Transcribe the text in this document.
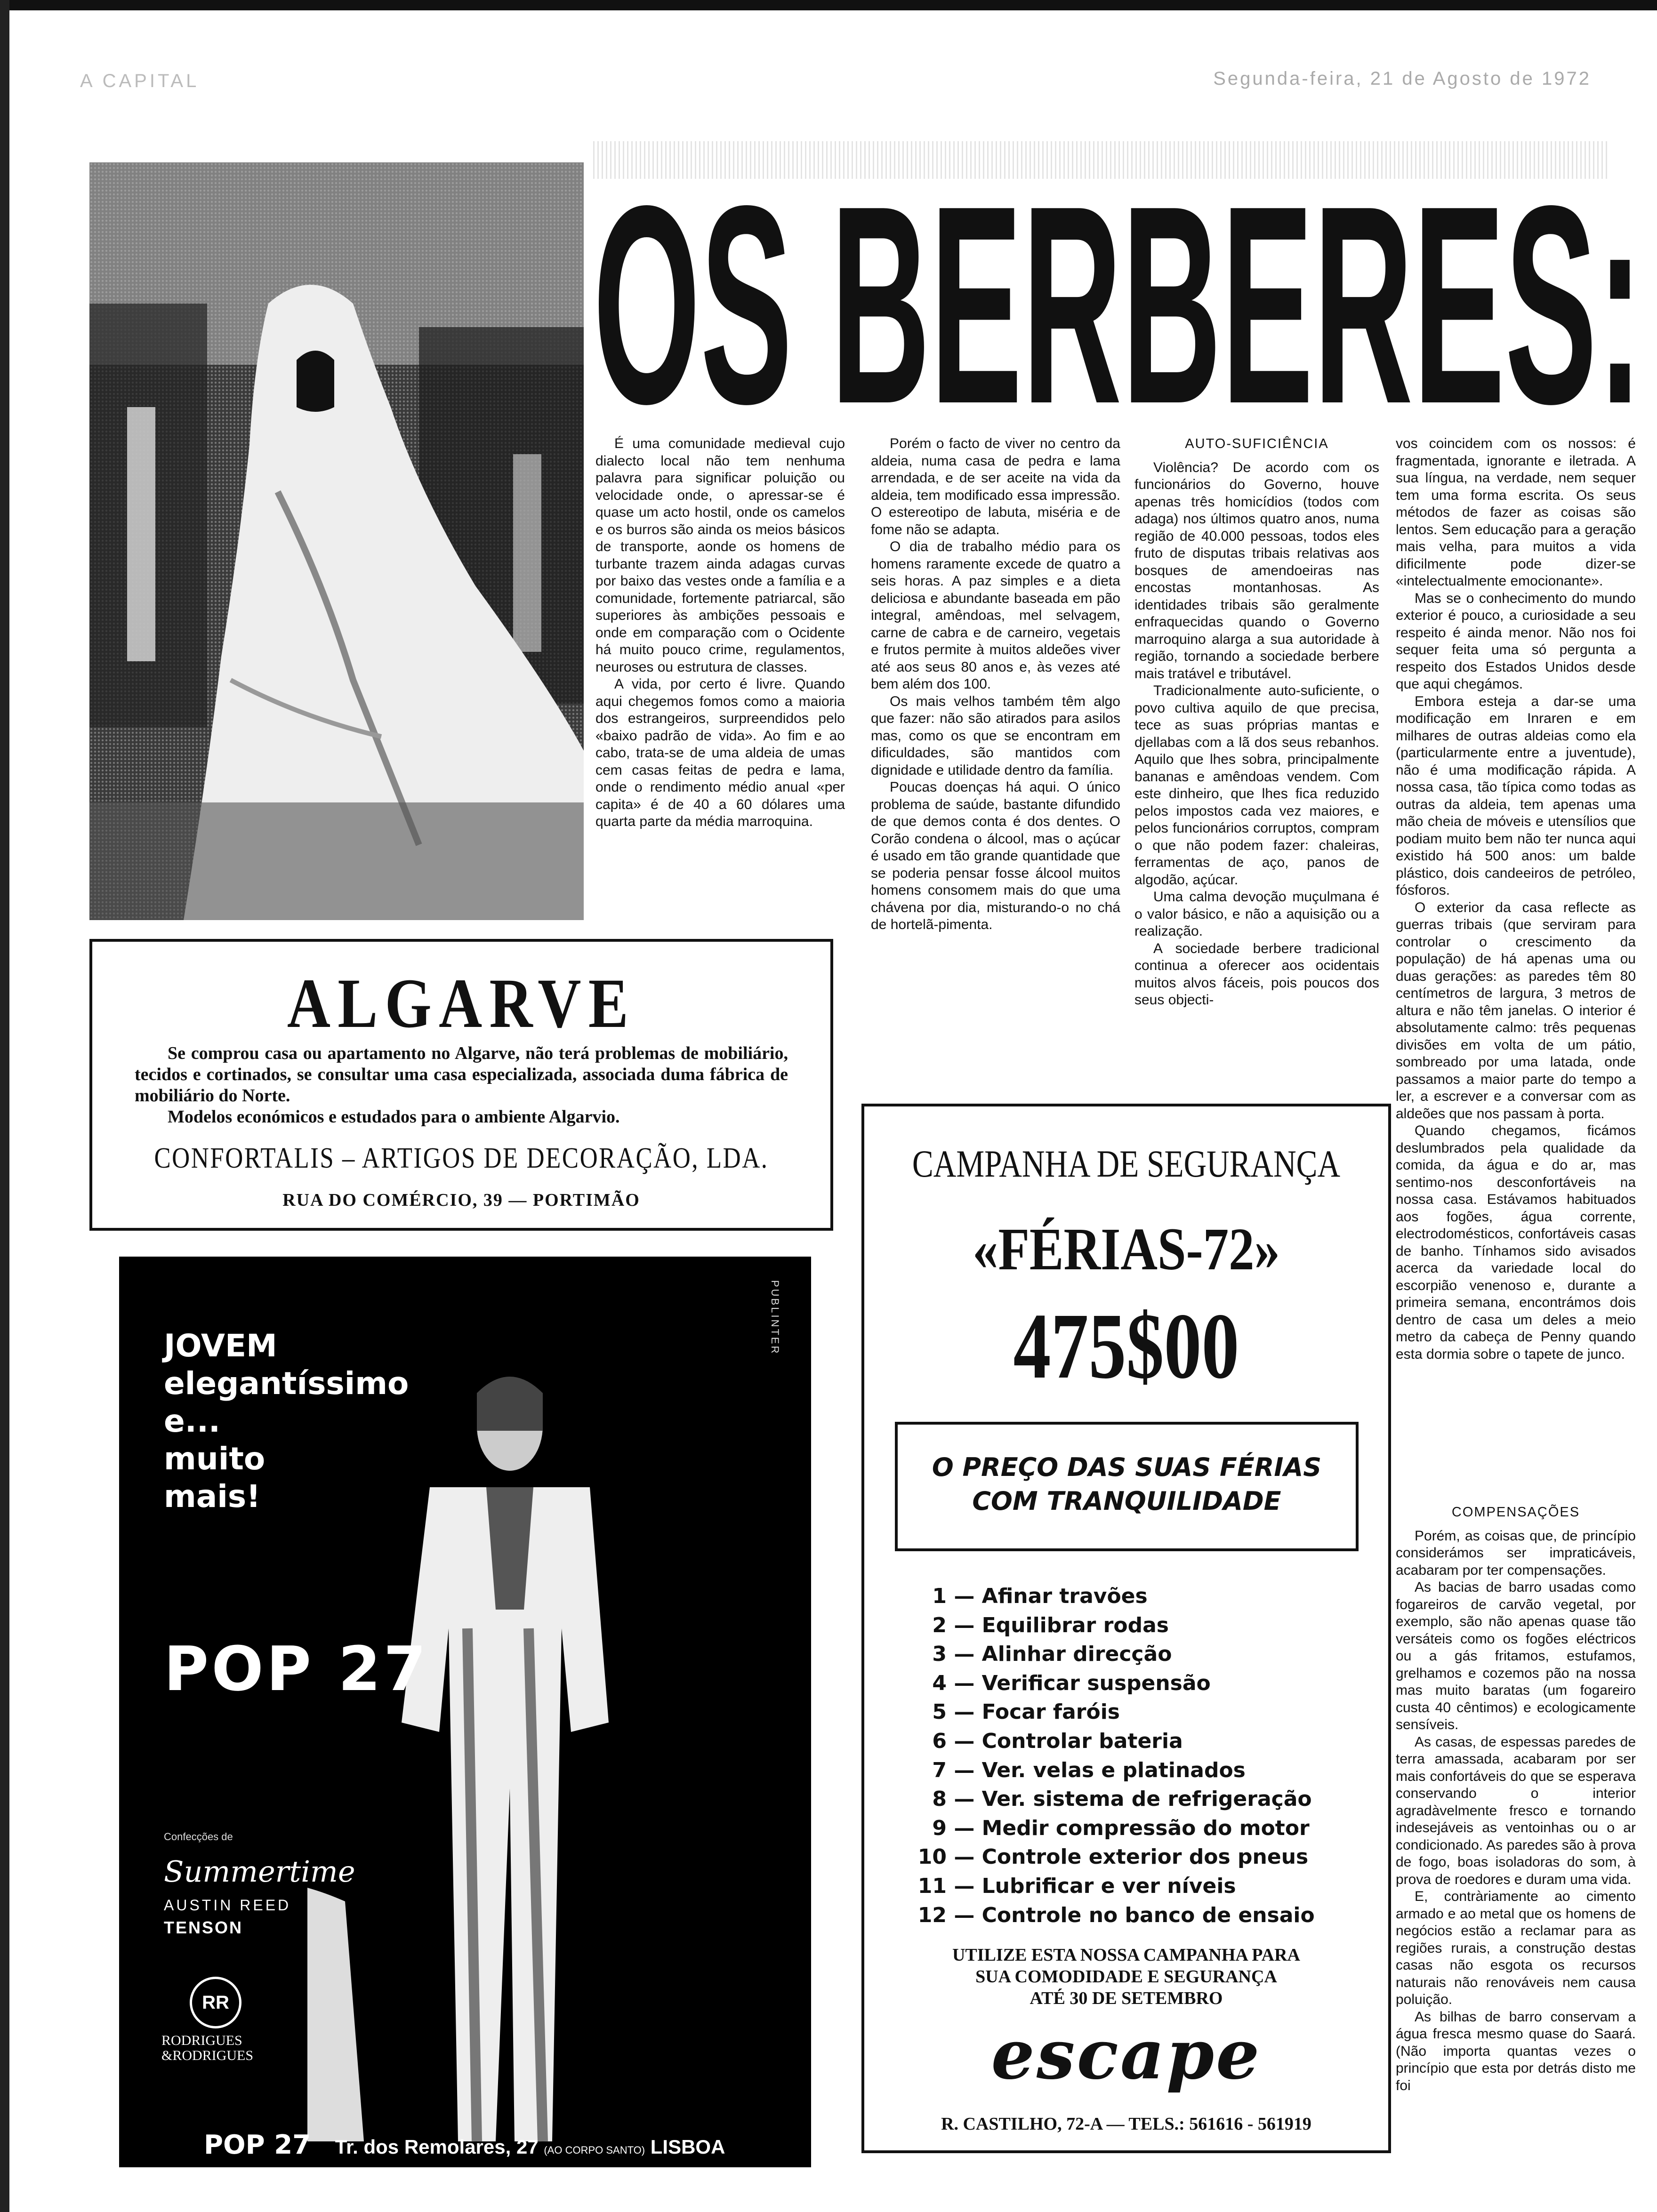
A CAPITAL	Segunda-feira, 21 de Agosto de 1972
OS BERBERES:

É uma comunidade medieval cujo dialecto local não tem nenhuma palavra para significar poluição ou velocidade onde, o apressar-se é quase um acto hostil, onde os camelos e os burros são ainda os meios básicos de transporte, aonde os homens de turbante trazem ainda adagas curvas por baixo das vestes onde a família e a comunidade, fortemente patriarcal, são superiores às ambições pessoais e onde em comparação com o Ocidente há muito pouco crime, regulamentos, neuroses ou estrutura de classes.

A vida, por certo é livre. Quando aqui chegemos fomos como a maioria dos estrangeiros, surpreendidos pelo «baixo padrão de vida». Ao fim e ao cabo, trata-se de uma aldeia de umas cem casas feitas de pedra e lama, onde o rendimento médio anual «per capita» é de 40 a 60 dólares uma quarta parte da média marroquina.

Porém o facto de viver no centro da aldeia, numa casa de pedra e lama arrendada, e de ser aceite na vida da aldeia, tem modificado essa impressão. O estereotipo de labuta, miséria e de fome não se adapta.

O dia de trabalho médio para os homens raramente excede de quatro a seis horas. A paz simples e a dieta deliciosa e abundante baseada em pão integral, amêndoas, mel selvagem, carne de cabra e de carneiro, vegetais e frutos permite à muitos aldeões viver até aos seus 80 anos e, às vezes até bem além dos 100.

Os mais velhos também têm algo que fazer: não são atirados para asilos mas, como os que se encontram em dificuldades, são mantidos com dignidade e utilidade dentro da família.

Poucas doenças há aqui. O único problema de saúde, bastante difundido de que demos conta é dos dentes. O Corão condena o álcool, mas o açúcar é usado em tão grande quantidade que se poderia pensar fosse álcool muitos homens consomem mais do que uma chávena por dia, misturando-o no chá de hortelã-pimenta.

AUTO-SUFICIÊNCIA

Violência? De acordo com os funcionários do Governo, houve apenas três homicídios (todos com adaga) nos últimos quatro anos, numa região de 40.000 pessoas, todos eles fruto de disputas tribais relativas aos bosques de amendoeiras nas encostas montanhosas. As identidades tribais são geralmente enfraquecidas quando o Governo marroquino alarga a sua autoridade à região, tornando a sociedade berbere mais tratável e tributável.

Tradicionalmente auto-suficiente, o povo cultiva aquilo de que precisa, tece as suas próprias mantas e djellabas com a lã dos seus rebanhos. Aquilo que lhes sobra, principalmente bananas e amêndoas vendem. Com este dinheiro, que lhes fica reduzido pelos impostos cada vez maiores, e pelos funcionários corruptos, compram o que não podem fazer: chaleiras, ferramentas de aço, panos de algodão, açúcar.

Uma calma devoção muçulmana é o valor básico, e não a aquisição ou a realização.

A sociedade berbere tradicional continua a oferecer aos ocidentais muitos alvos fáceis, pois poucos dos seus objecti-

vos coincidem com os nossos: é fragmentada, ignorante e iletrada. A sua língua, na verdade, nem sequer tem uma forma escrita. Os seus métodos de fazer as coisas são lentos. Sem educação para a geração mais velha, para muitos a vida dificilmente pode dizer-se «intelectualmente emocionante».

Mas se o conhecimento do mundo exterior é pouco, a curiosidade a seu respeito é ainda menor. Não nos foi sequer feita uma só pergunta a respeito dos Estados Unidos desde que aqui chegámos.

Embora esteja a dar-se uma modificação em Inraren e em milhares de outras aldeias como ela (particularmente entre a juventude), não é uma modificação rápida. A nossa casa, tão típica como todas as outras da aldeia, tem apenas uma mão cheia de móveis e utensílios que podiam muito bem não ter nunca aqui existido há 500 anos: um balde plástico, dois candeeiros de petróleo, fósforos.

O exterior da casa reflecte as guerras tribais (que serviram para controlar o crescimento da população) de há apenas uma ou duas gerações: as paredes têm 80 centímetros de largura, 3 metros de altura e não têm janelas. O interior é absolutamente calmo: três pequenas divisões em volta de um pátio, sombreado por uma latada, onde passamos a maior parte do tempo a ler, a escrever e a conversar com as aldeões que nos passam à porta.

Quando chegamos, ficámos deslumbrados pela qualidade da comida, da água e do ar, mas sentimo-nos desconfortáveis na nossa casa. Estávamos habituados aos fogões, água corrente, electrodomésticos, confortáveis casas de banho. Tínhamos sido avisados acerca da variedade local do escorpião venenoso e, durante a primeira semana, encontrámos dois dentro de casa um deles a meio metro da cabeça de Penny quando esta dormia sobre o tapete de junco.

COMPENSAÇÕES

Porém, as coisas que, de princípio considerámos ser impraticáveis, acabaram por ter compensações.

As bacias de barro usadas como fogareiros de carvão vegetal, por exemplo, são não apenas quase tão versáteis como os fogões eléctricos ou a gás fritamos, estufamos, grelhamos e cozemos pão na nossa mas muito baratas (um fogareiro custa 40 cêntimos) e ecologicamente sensíveis.

As casas, de espessas paredes de terra amassada, acabaram por ser mais confortáveis do que se esperava conservando o interior agradàvelmente fresco e tornando indesejáveis as ventoinhas ou o ar condicionado. As paredes são à prova de fogo, boas isoladoras do som, à prova de roedores e duram uma vida.

E, contràriamente ao cimento armado e ao metal que os homens de negócios estão a reclamar para as regiões rurais, a construção destas casas não esgota os recursos naturais não renováveis nem causa poluição.

As bilhas de barro conservam a água fresca mesmo quase do Saará. (Não importa quantas vezes o princípio que esta por detrás disto me foi

ALGARVE

Se comprou casa ou apartamento no Algarve, não terá problemas de mobiliário, tecidos e cortinados, se consultar uma casa especializada, associada duma fábrica de mobiliário do Norte.

Modelos económicos e estudados para o ambiente Algarvio.

CONFORTALIS – ARTIGOS DE DECORAÇÃO, LDA.
RUA DO COMÉRCIO, 39 — PORTIMÃO
JOVEM
elegantíssimo
e...
muito
mais!
PUBLINTER
POP 27
Confecções de
Summertime
AUSTIN REED
TENSON
RR
RODRIGUES
&RODRIGUES
POP 27 Tr. dos Remolares, 27 (AO CORPO SANTO) LISBOA
CAMPANHA DE SEGURANÇA
«FÉRIAS-72»
475$00
O PREÇO DAS SUAS FÉRIAS
COM TRANQUILIDADE
1 — Afinar travões
2 — Equilibrar rodas
3 — Alinhar direcção
4 — Verificar suspensão
5 — Focar faróis
6 — Controlar bateria
7 — Ver. velas e platinados
8 — Ver. sistema de refrigeração
9 — Medir compressão do motor
10 — Controle exterior dos pneus
11 — Lubrificar e ver níveis
12 — Controle no banco de ensaio
UTILIZE ESTA NOSSA CAMPANHA PARA
SUA COMODIDADE E SEGURANÇA
ATÉ 30 DE SETEMBRO
escape
R. CASTILHO, 72-A — TELS.: 561616 - 561919
